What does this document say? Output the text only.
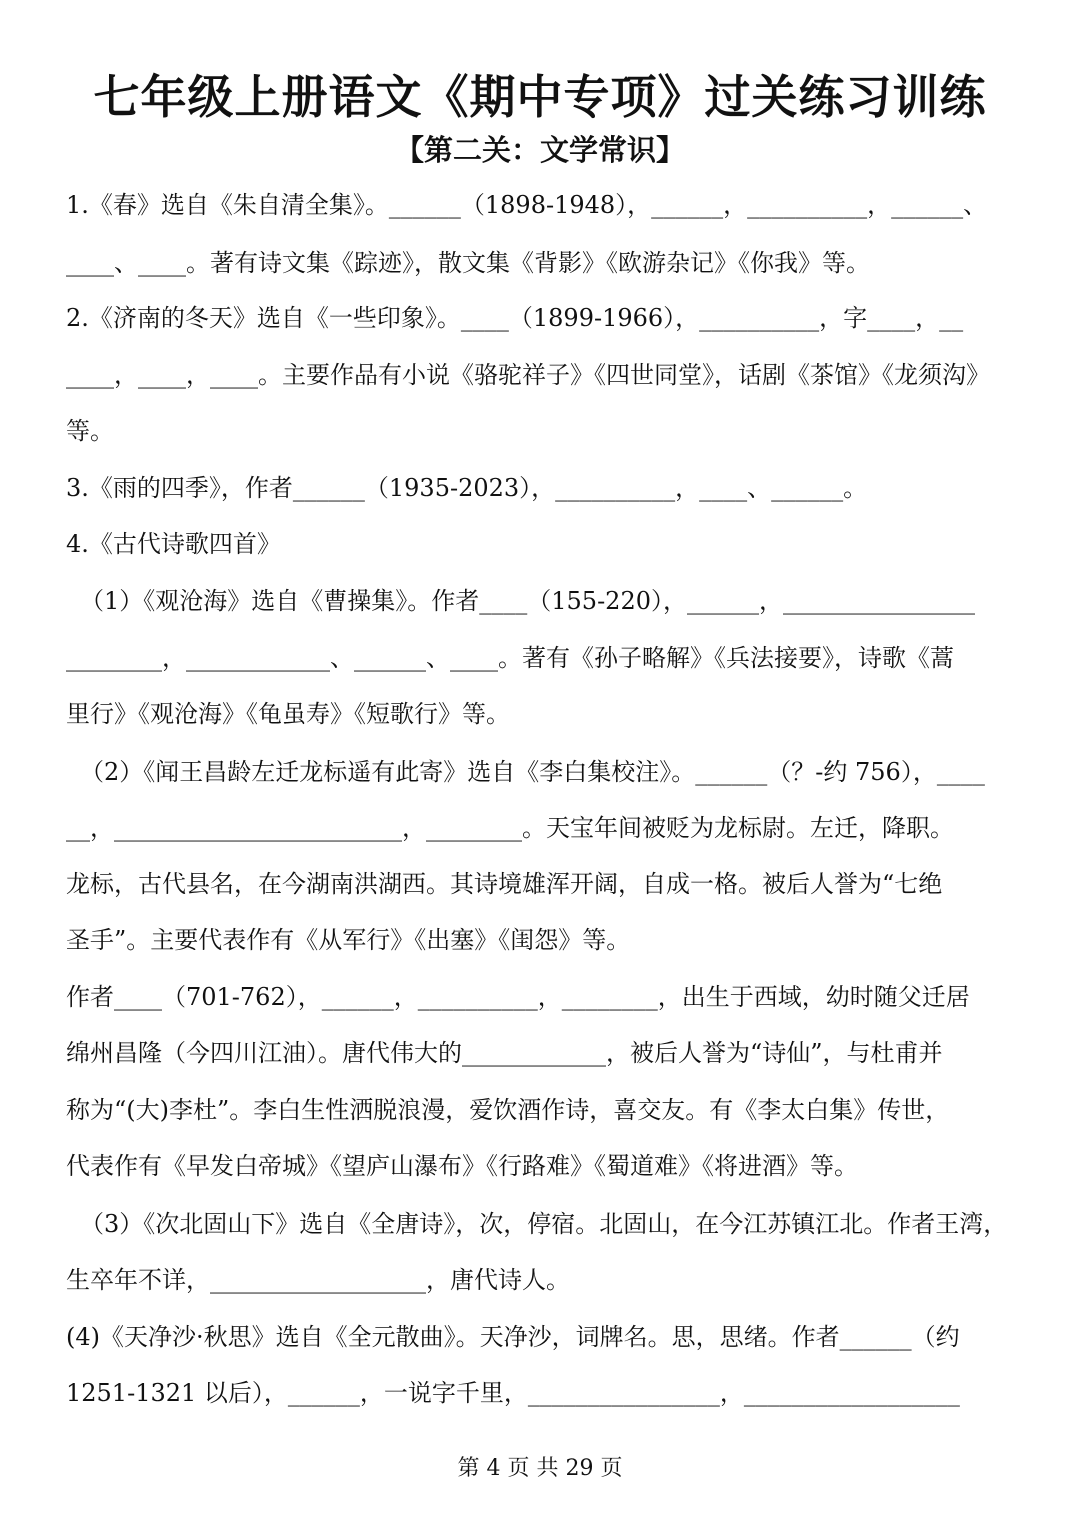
七年级上册语文《期中专项》过关练习训练
【第二关：文学常识】
1.《春》选自《朱自清全集》。______（1898-1948），______，__________，______、
____、____。著有诗文集《踪迹》，散文集《背影》《欧游杂记》《你我》等。
2.《济南的冬天》选自《一些印象》。____（1899-1966），__________，字____，__
____，____，____。主要作品有小说《骆驼祥子》《四世同堂》，话剧《茶馆》《龙须沟》
等。
3.《雨的四季》，作者______（1935-2023），__________，____、______。
4.《古代诗歌四首》
（1）《观沧海》选自《曹操集》。作者____（155-220），______，________________
________，____________、______、____。著有《孙子略解》《兵法接要》，诗歌《蒿
里行》《观沧海》《龟虽寿》《短歌行》等。
（2）《闻王昌龄左迁龙标遥有此寄》选自《李白集校注》。______（？-约 756），____
__，________________________，________。天宝年间被贬为龙标尉。左迁，降职。
龙标，古代县名，在今湖南洪湖西。其诗境雄浑开阔，自成一格。被后人誉为“七绝
圣手”。主要代表作有《从军行》《出塞》《闺怨》等。
作者____（701-762），______，__________，________，出生于西域，幼时随父迁居
绵州昌隆（今四川江油）。唐代伟大的____________，被后人誉为“诗仙”，与杜甫并
称为“(大)李杜”。李白生性洒脱浪漫，爱饮酒作诗，喜交友。有《李太白集》传世，
代表作有《早发白帝城》《望庐山瀑布》《行路难》《蜀道难》《将进酒》等。
（3）《次北固山下》选自《全唐诗》，次，停宿。北固山，在今江苏镇江北。作者王湾，
生卒年不详，__________________，唐代诗人。
(4)《天净沙·秋思》选自《全元散曲》。天净沙，词牌名。思，思绪。作者______（约
1251-1321 以后），______，一说字千里，________________，__________________
第 4 页 共 29 页
